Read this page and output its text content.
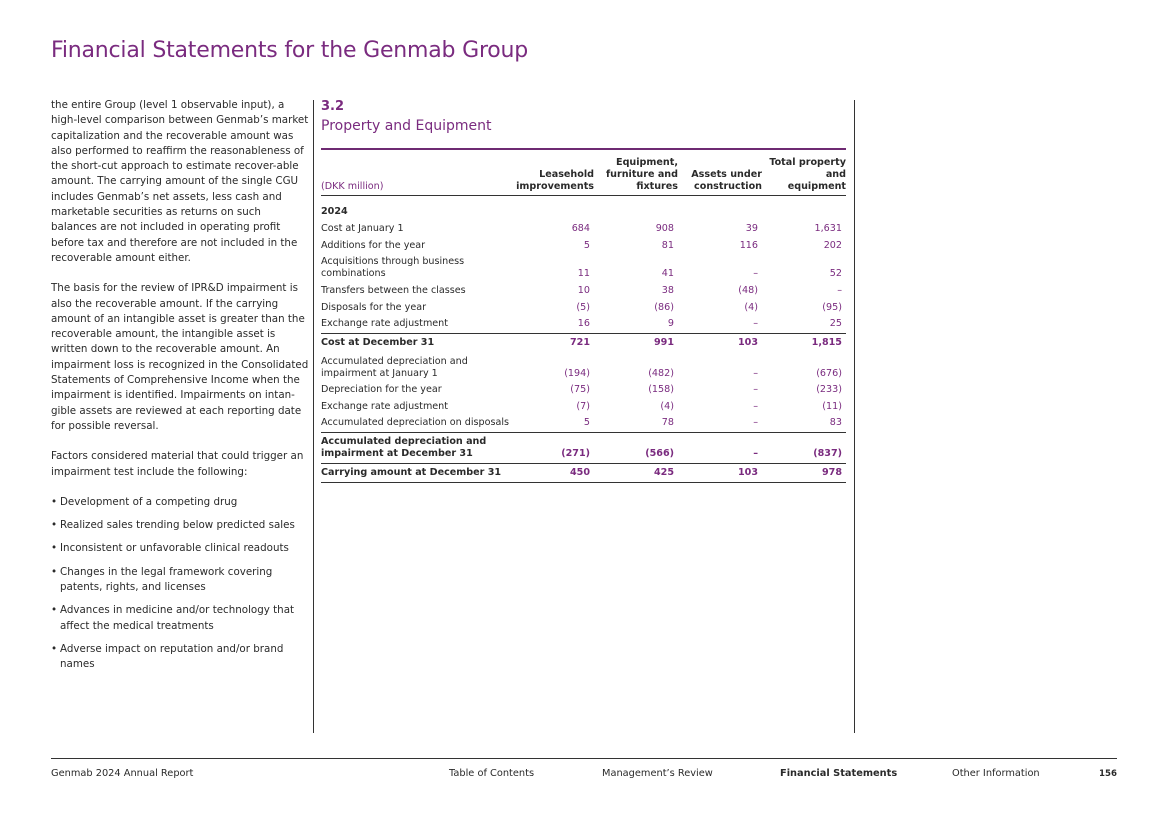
Financial Statements for the Genmab Group

the entire Group (level 1 observable input), a high-level comparison between Genmab’s market capitalization and the recoverable amount was also performed to reaffirm the reasonableness of the short-cut approach to estimate recover-able amount. The carrying amount of the single CGU includes Genmab’s net assets, less cash and marketable securities as returns on such balances are not included in operating profit before tax and therefore are not included in the recoverable amount either.

The basis for the review of IPR&D impairment is also the recoverable amount. If the carrying amount of an intangible asset is greater than the recoverable amount, the intangible asset is written down to the recoverable amount. An impairment loss is recognized in the Consolidated Statements of Comprehensive Income when the impairment is identified. Impairments on intan-gible assets are reviewed at each reporting date for possible reversal.

Factors considered material that could trigger an impairment test include the following:

• Development of a competing drug
• Realized sales trending below predicted sales
• Inconsistent or unfavorable clinical readouts
• Changes in the legal framework covering patents, rights, and licenses
• Advances in medicine and/or technology that affect the medical treatments
• Adverse impact on reputation and/or brand names
3.2
Property and Equipment
(DKK million)	Leasehold improvements	Equipment, furniture and fixtures	Assets under construction	Total property and equipment
2024				
Cost at January 1	684	908	39	1,631
Additions for the year	5	81	116	202
Acquisitions through business combinations	11	41	–	52
Transfers between the classes	10	38	(48)	–
Disposals for the year	(5)	(86)	(4)	(95)
Exchange rate adjustment	16	9	–	25
Cost at December 31	721	991	103	1,815
Accumulated depreciation and impairment at January 1	(194)	(482)	–	(676)
Depreciation for the year	(75)	(158)	–	(233)
Exchange rate adjustment	(7)	(4)	–	(11)
Accumulated depreciation on disposals	5	78	–	83
Accumulated depreciation and impairment at December 31	(271)	(566)	–	(837)
Carrying amount at December 31	450	425	103	978
Genmab 2024 Annual Report	Table of Contents	Management’s Review	Financial Statements	Other Information	156
